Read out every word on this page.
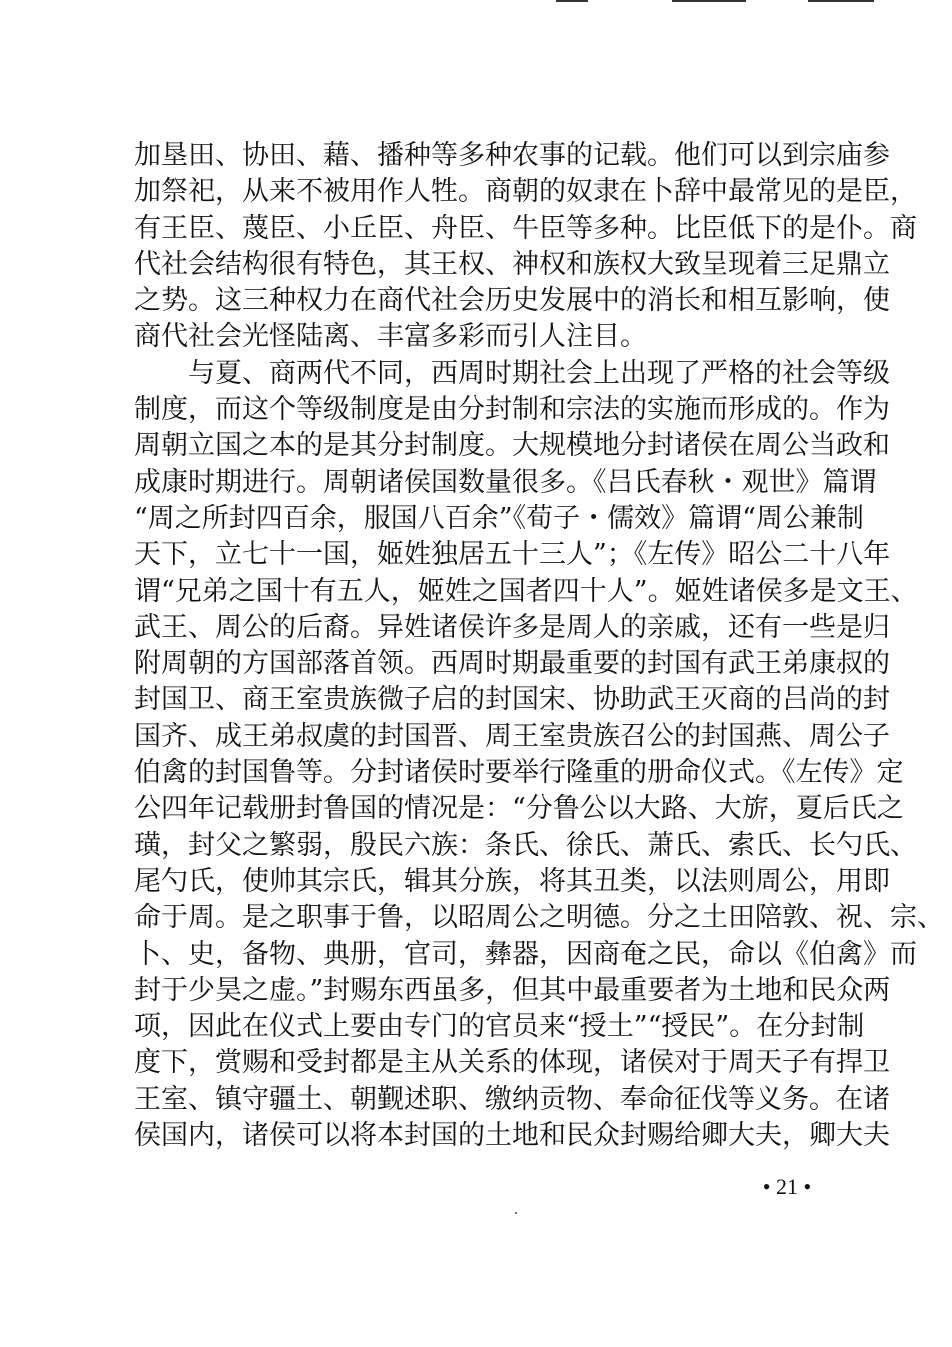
加垦田、协田、藉、播种等多种农事的记载。他们可以到宗庙参
加祭祀，从来不被用作人牲。商朝的奴隶在卜辞中最常见的是臣，
有王臣、蔑臣、小丘臣、舟臣、牛臣等多种。比臣低下的是仆。商
代社会结构很有特色，其王权、神权和族权大致呈现着三足鼎立
之势。这三种权力在商代社会历史发展中的消长和相互影响，使
商代社会光怪陆离、丰富多彩而引人注目。
与夏、商两代不同，西周时期社会上出现了严格的社会等级
制度，而这个等级制度是由分封制和宗法的实施而形成的。作为
周朝立国之本的是其分封制度。大规模地分封诸侯在周公当政和
成康时期进行。周朝诸侯国数量很多。《吕氏春秋・观世》篇谓
“周之所封四百余，服国八百余”《荀子・儒效》篇谓“周公兼制
天下，立七十一国，姬姓独居五十三人”；《左传》昭公二十八年
谓“兄弟之国十有五人，姬姓之国者四十人”。姬姓诸侯多是文王、
武王、周公的后裔。异姓诸侯许多是周人的亲戚，还有一些是归
附周朝的方国部落首领。西周时期最重要的封国有武王弟康叔的
封国卫、商王室贵族微子启的封国宋、协助武王灭商的吕尚的封
国齐、成王弟叔虞的封国晋、周王室贵族召公的封国燕、周公子
伯禽的封国鲁等。分封诸侯时要举行隆重的册命仪式。《左传》定
公四年记载册封鲁国的情况是：“分鲁公以大路、大旂，夏后氏之
璜，封父之繁弱，殷民六族：条氏、徐氏、萧氏、索氏、长勺氏、
尾勺氏，使帅其宗氏，辑其分族，将其丑类，以法则周公，用即
命于周。是之职事于鲁，以昭周公之明德。分之土田陪敦、祝、宗、
卜、史，备物、典册，官司，彝器，因商奄之民，命以《伯禽》而
封于少昊之虚。”封赐东西虽多，但其中最重要者为土地和民众两
项，因此在仪式上要由专门的官员来“授土”“授民”。在分封制
度下，赏赐和受封都是主从关系的体现，诸侯对于周天子有捍卫
王室、镇守疆土、朝觐述职、缴纳贡物、奉命征伐等义务。在诸
侯国内，诸侯可以将本封国的土地和民众封赐给卿大夫，卿大夫
• 21 •
